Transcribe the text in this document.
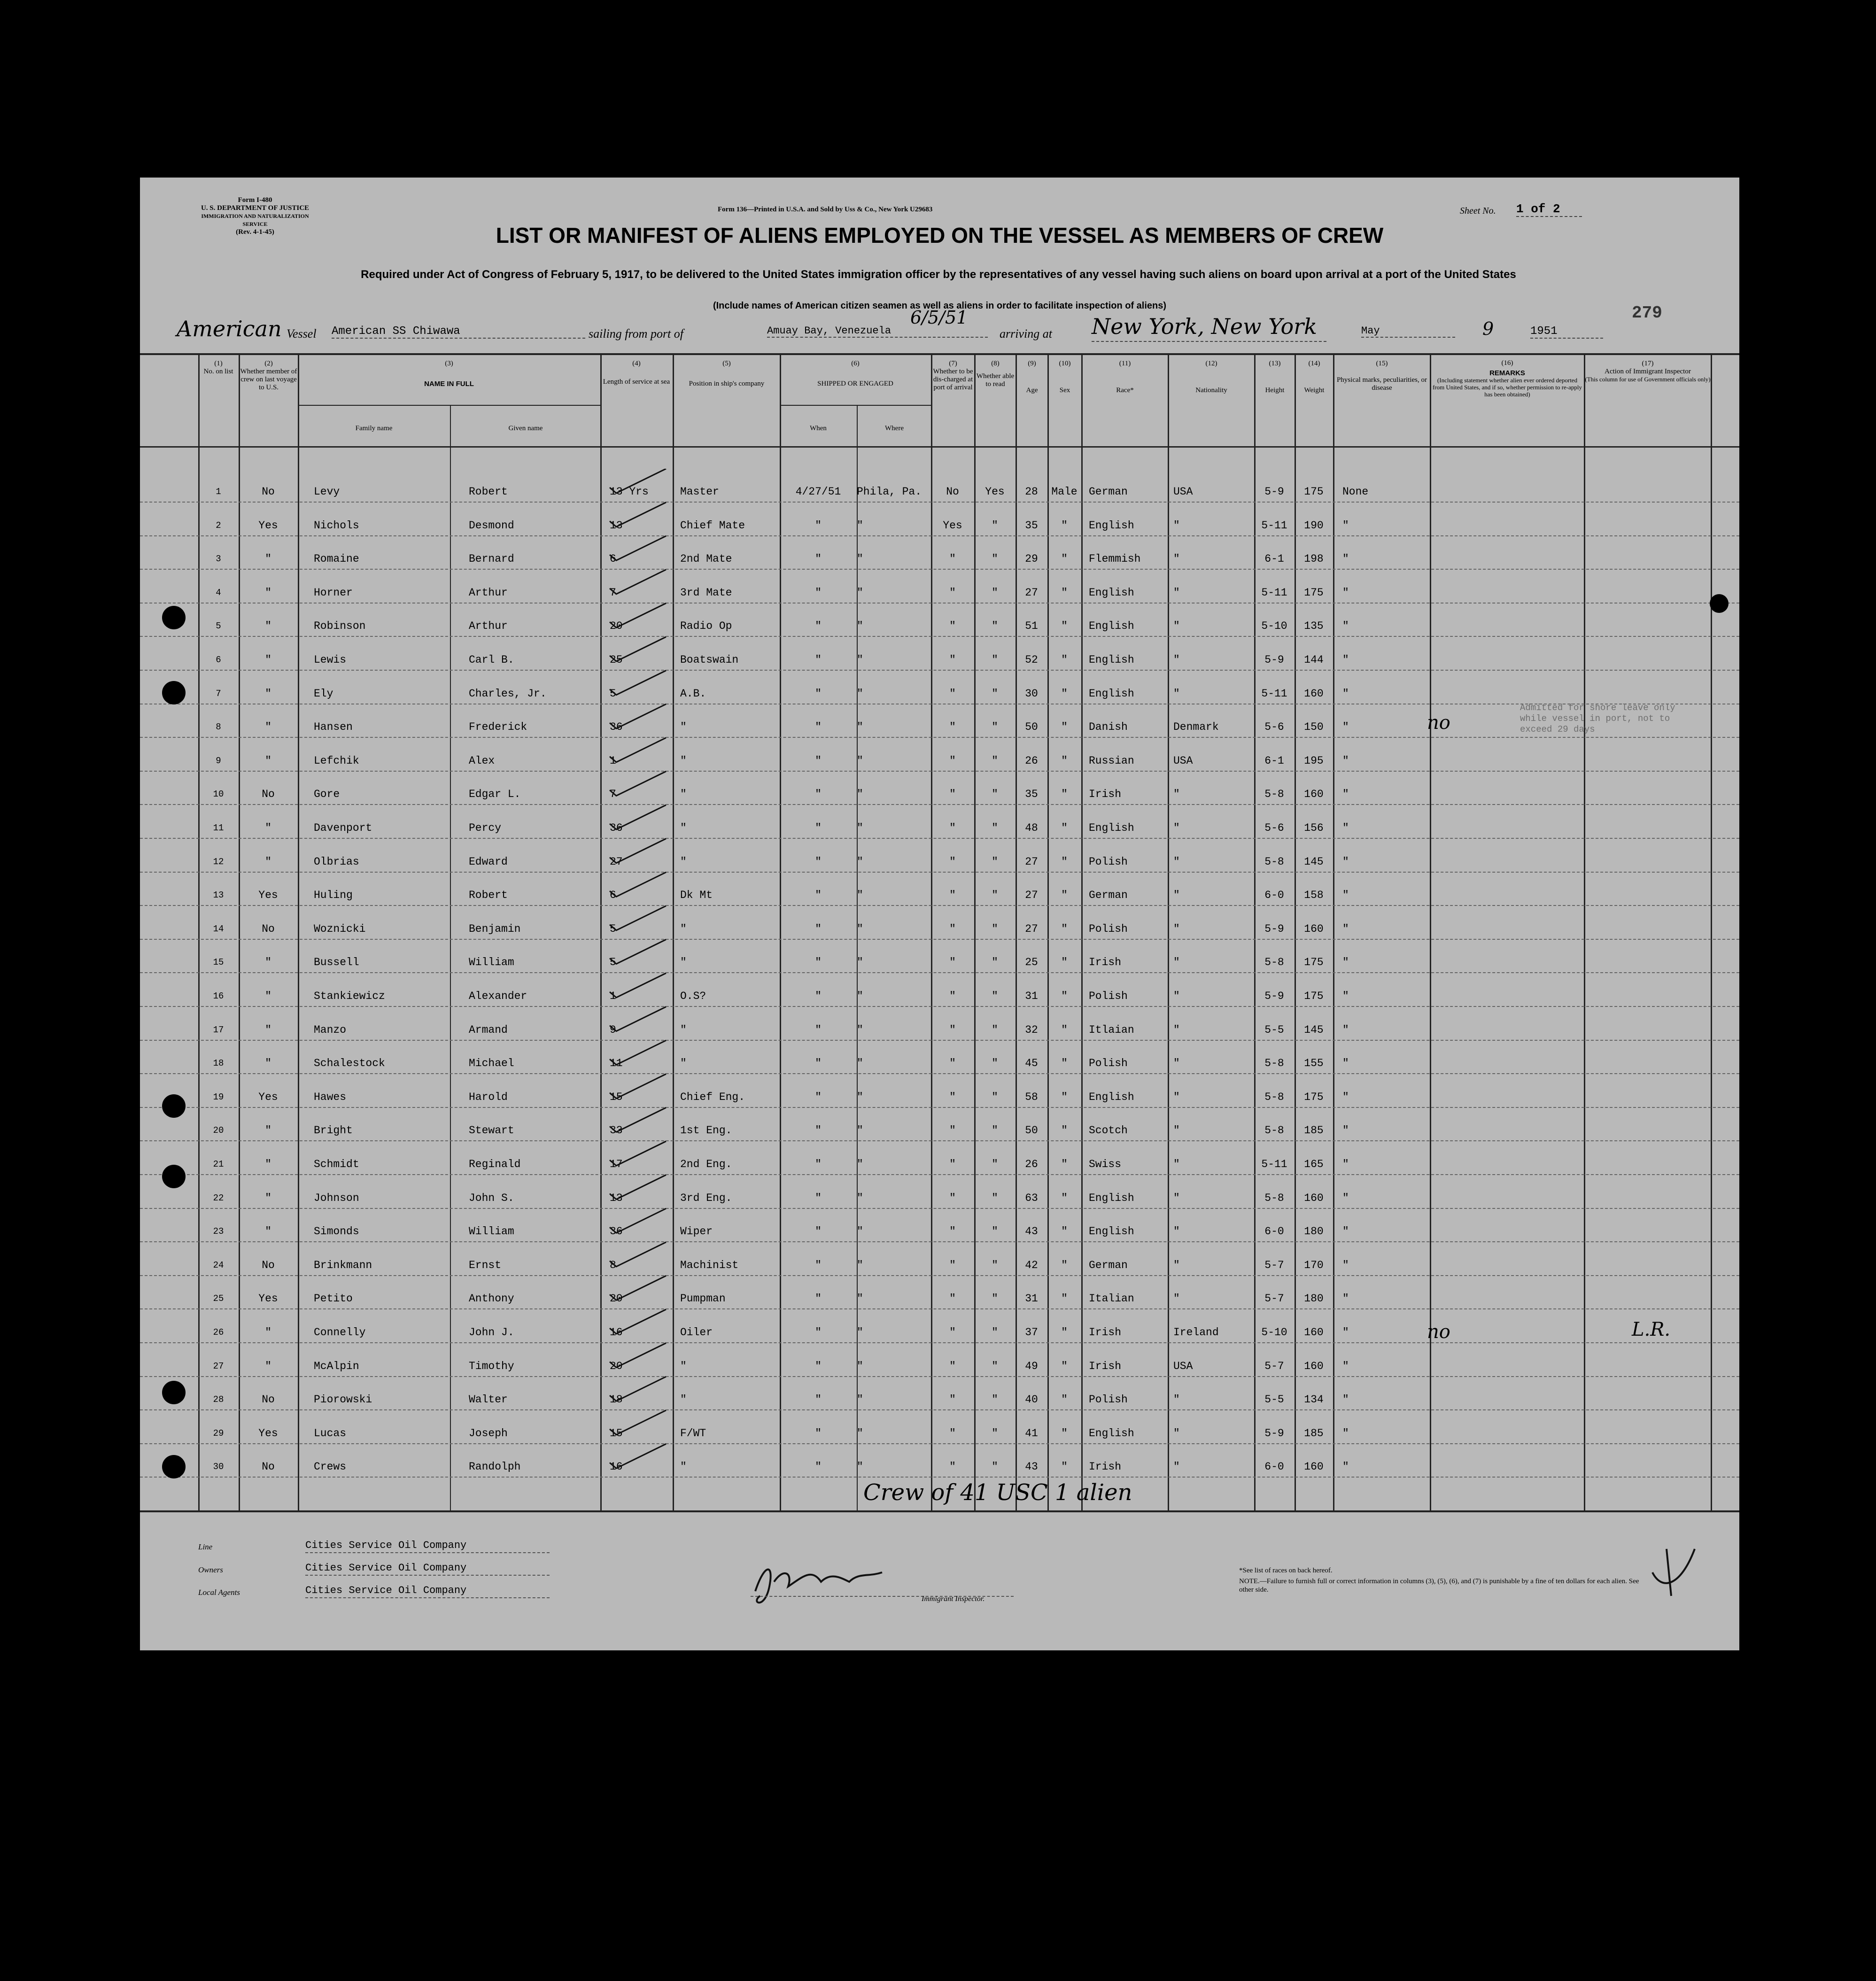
Form I-480
U. S. DEPARTMENT OF JUSTICE
IMMIGRATION AND NATURALIZATION SERVICE
(Rev. 4-1-45)
Form 136—Printed in U.S.A. and Sold by Uss & Co., New York U29683	Sheet No. 1 of 2
LIST OR MANIFEST OF ALIENS EMPLOYED ON THE VESSEL AS MEMBERS OF CREW
Required under Act of Congress of February 5, 1917, to be delivered to the United States immigration officer by the representatives of any vessel having such aliens on board upon arrival at a port of the United States
(Include names of American citizen seamen as well as aliens in order to facilitate inspection of aliens)	279
American Vessel American SS Chiwawa	sailing from port of	Amuay Bay, Venezuela
6/5/51
arriving at New York, New York	May	9	1951
(1)
No. on list
(2)
Whether member of crew on last voyage to U.S.
(3)
NAME IN FULL
Family name	Given name
(4)
Length of service at sea
(5)
Position in ship's company
(6)
SHIPPED OR ENGAGED
When	Where
(7)
Whether to be dis-charged at port of arrival
(8)
Whether able to read
(9)
Age
(10)
Sex
(11)
Race*
(12)
Nationality
(13)
Height
(14)
Weight
(15)
Physical marks, peculiarities, or disease
(16)
REMARKS
(Including statement whether alien ever ordered deported from United States, and if so, whether permission to re-apply has been obtained)
(17)
Action of Immigrant Inspector
(This column for use of Government officials only)
1	No	Levy	Robert	13 Yrs	Master	4/27/51	Phila, Pa.	No	Yes	28	Male	German	USA	5-9	175	None
2	Yes	Nichols	Desmond	13	Chief Mate	"	"	Yes	"	35	"	English	"	5-11	190	"
3	"	Romaine	Bernard	6	2nd Mate	"	"	"	"	29	"	Flemmish	"	6-1	198	"
4	"	Horner	Arthur	7	3rd Mate	"	"	"	"	27	"	English	"	5-11	175	"
5	"	Robinson	Arthur	20	Radio Op	"	"	"	"	51	"	English	"	5-10	135	"
6	"	Lewis	Carl B.	25	Boatswain	"	"	"	"	52	"	English	"	5-9	144	"
7	"	Ely	Charles, Jr.	5	A.B.	"	"	"	"	30	"	English	"	5-11	160	"
8	"	Hansen	Frederick	36	"	"	"	"	"	50	"	Danish	Denmark	5-6	150	"
9	"	Lefchik	Alex	1	"	"	"	"	"	26	"	Russian	USA	6-1	195	"
10	No	Gore	Edgar L.	7	"	"	"	"	"	35	"	Irish	"	5-8	160	"
11	"	Davenport	Percy	36	"	"	"	"	"	48	"	English	"	5-6	156	"
12	"	Olbrias	Edward	27	"	"	"	"	"	27	"	Polish	"	5-8	145	"
13	Yes	Huling	Robert	6	Dk Mt	"	"	"	"	27	"	German	"	6-0	158	"
14	No	Woznicki	Benjamin	5	"	"	"	"	"	27	"	Polish	"	5-9	160	"
15	"	Bussell	William	5	"	"	"	"	"	25	"	Irish	"	5-8	175	"
16	"	Stankiewicz	Alexander	1	O.S?	"	"	"	"	31	"	Polish	"	5-9	175	"
17	"	Manzo	Armand	9	"	"	"	"	"	32	"	Itlaian	"	5-5	145	"
18	"	Schalestock	Michael	11	"	"	"	"	"	45	"	Polish	"	5-8	155	"
19	Yes	Hawes	Harold	15	Chief Eng.	"	"	"	"	58	"	English	"	5-8	175	"
20	"	Bright	Stewart	33	1st Eng.	"	"	"	"	50	"	Scotch	"	5-8	185	"
21	"	Schmidt	Reginald	17	2nd Eng.	"	"	"	"	26	"	Swiss	"	5-11	165	"
22	"	Johnson	John S.	13	3rd Eng.	"	"	"	"	63	"	English	"	5-8	160	"
23	"	Simonds	William	36	Wiper	"	"	"	"	43	"	English	"	6-0	180	"
24	No	Brinkmann	Ernst	8	Machinist	"	"	"	"	42	"	German	"	5-7	170	"
25	Yes	Petito	Anthony	20	Pumpman	"	"	"	"	31	"	Italian	"	5-7	180	"
26	"	Connelly	John J.	16	Oiler	"	"	"	"	37	"	Irish	Ireland	5-10	160	"
27	"	McAlpin	Timothy	20	"	"	"	"	"	49	"	Irish	USA	5-7	160	"
28	No	Piorowski	Walter	18	"	"	"	"	"	40	"	Polish	"	5-5	134	"
29	Yes	Lucas	Joseph	15	F/WT	"	"	"	"	41	"	English	"	5-9	185	"
30	No	Crews	Randolph	16	"	"	"	"	"	43	"	Irish	"	6-0	160	"
Admitted for shore leave only while vessel in port, not to exceed 29 days
no
no	L.R.
Crew of 41 USC 1 alien
Line	Cities Service Oil Company
Owners	Cities Service Oil Company
Local Agents	Cities Service Oil Company
Immigrant Inspector.
*See list of races on back hereof.
NOTE.—Failure to furnish full or correct information in columns (3), (5), (6), and (7) is punishable by a fine of ten dollars for each alien. See other side.
